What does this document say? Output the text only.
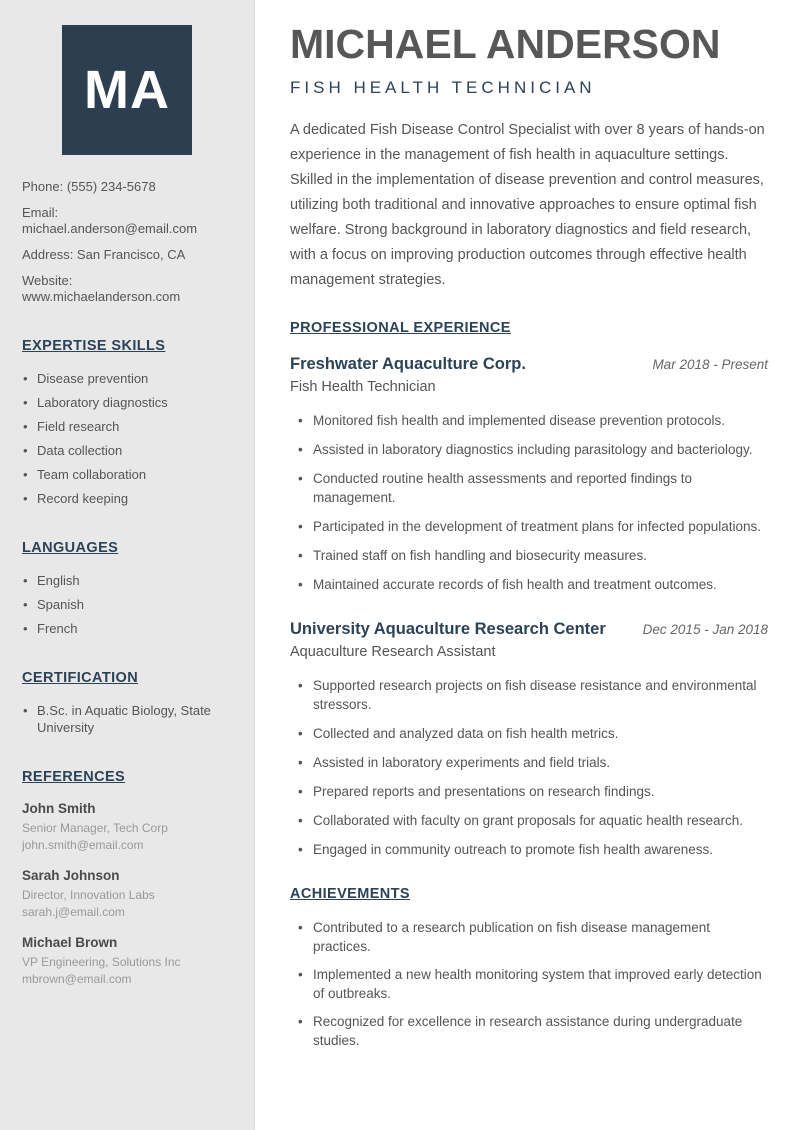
MA
Phone: (555) 234-5678
Email: michael.anderson@email.com
Address: San Francisco, CA
Website: www.michaelanderson.com
EXPERTISE SKILLS
• Disease prevention
• Laboratory diagnostics
• Field research
• Data collection
• Team collaboration
• Record keeping
LANGUAGES
• English
• Spanish
• French
CERTIFICATION
• B.Sc. in Aquatic Biology, State University
REFERENCES
John Smith
Senior Manager, Tech Corp
john.smith@email.com
Sarah Johnson
Director, Innovation Labs
sarah.j@email.com
Michael Brown
VP Engineering, Solutions Inc
mbrown@email.com
MICHAEL ANDERSON
FISH HEALTH TECHNICIAN

A dedicated Fish Disease Control Specialist with over 8 years of hands-on experience in the management of fish health in aquaculture settings. Skilled in the implementation of disease prevention and control measures, utilizing both traditional and innovative approaches to ensure optimal fish welfare. Strong background in laboratory diagnostics and field research, with a focus on improving production outcomes through effective health management strategies.

PROFESSIONAL EXPERIENCE
Freshwater Aquaculture Corp.	Mar 2018 - Present
Fish Health Technician
• Monitored fish health and implemented disease prevention protocols.
• Assisted in laboratory diagnostics including parasitology and bacteriology.
• Conducted routine health assessments and reported findings to management.
• Participated in the development of treatment plans for infected populations.
• Trained staff on fish handling and biosecurity measures.
• Maintained accurate records of fish health and treatment outcomes.
University Aquaculture Research Center	Dec 2015 - Jan 2018
Aquaculture Research Assistant
• Supported research projects on fish disease resistance and environmental stressors.
• Collected and analyzed data on fish health metrics.
• Assisted in laboratory experiments and field trials.
• Prepared reports and presentations on research findings.
• Collaborated with faculty on grant proposals for aquatic health research.
• Engaged in community outreach to promote fish health awareness.
ACHIEVEMENTS
• Contributed to a research publication on fish disease management practices.
• Implemented a new health monitoring system that improved early detection of outbreaks.
• Recognized for excellence in research assistance during undergraduate studies.
